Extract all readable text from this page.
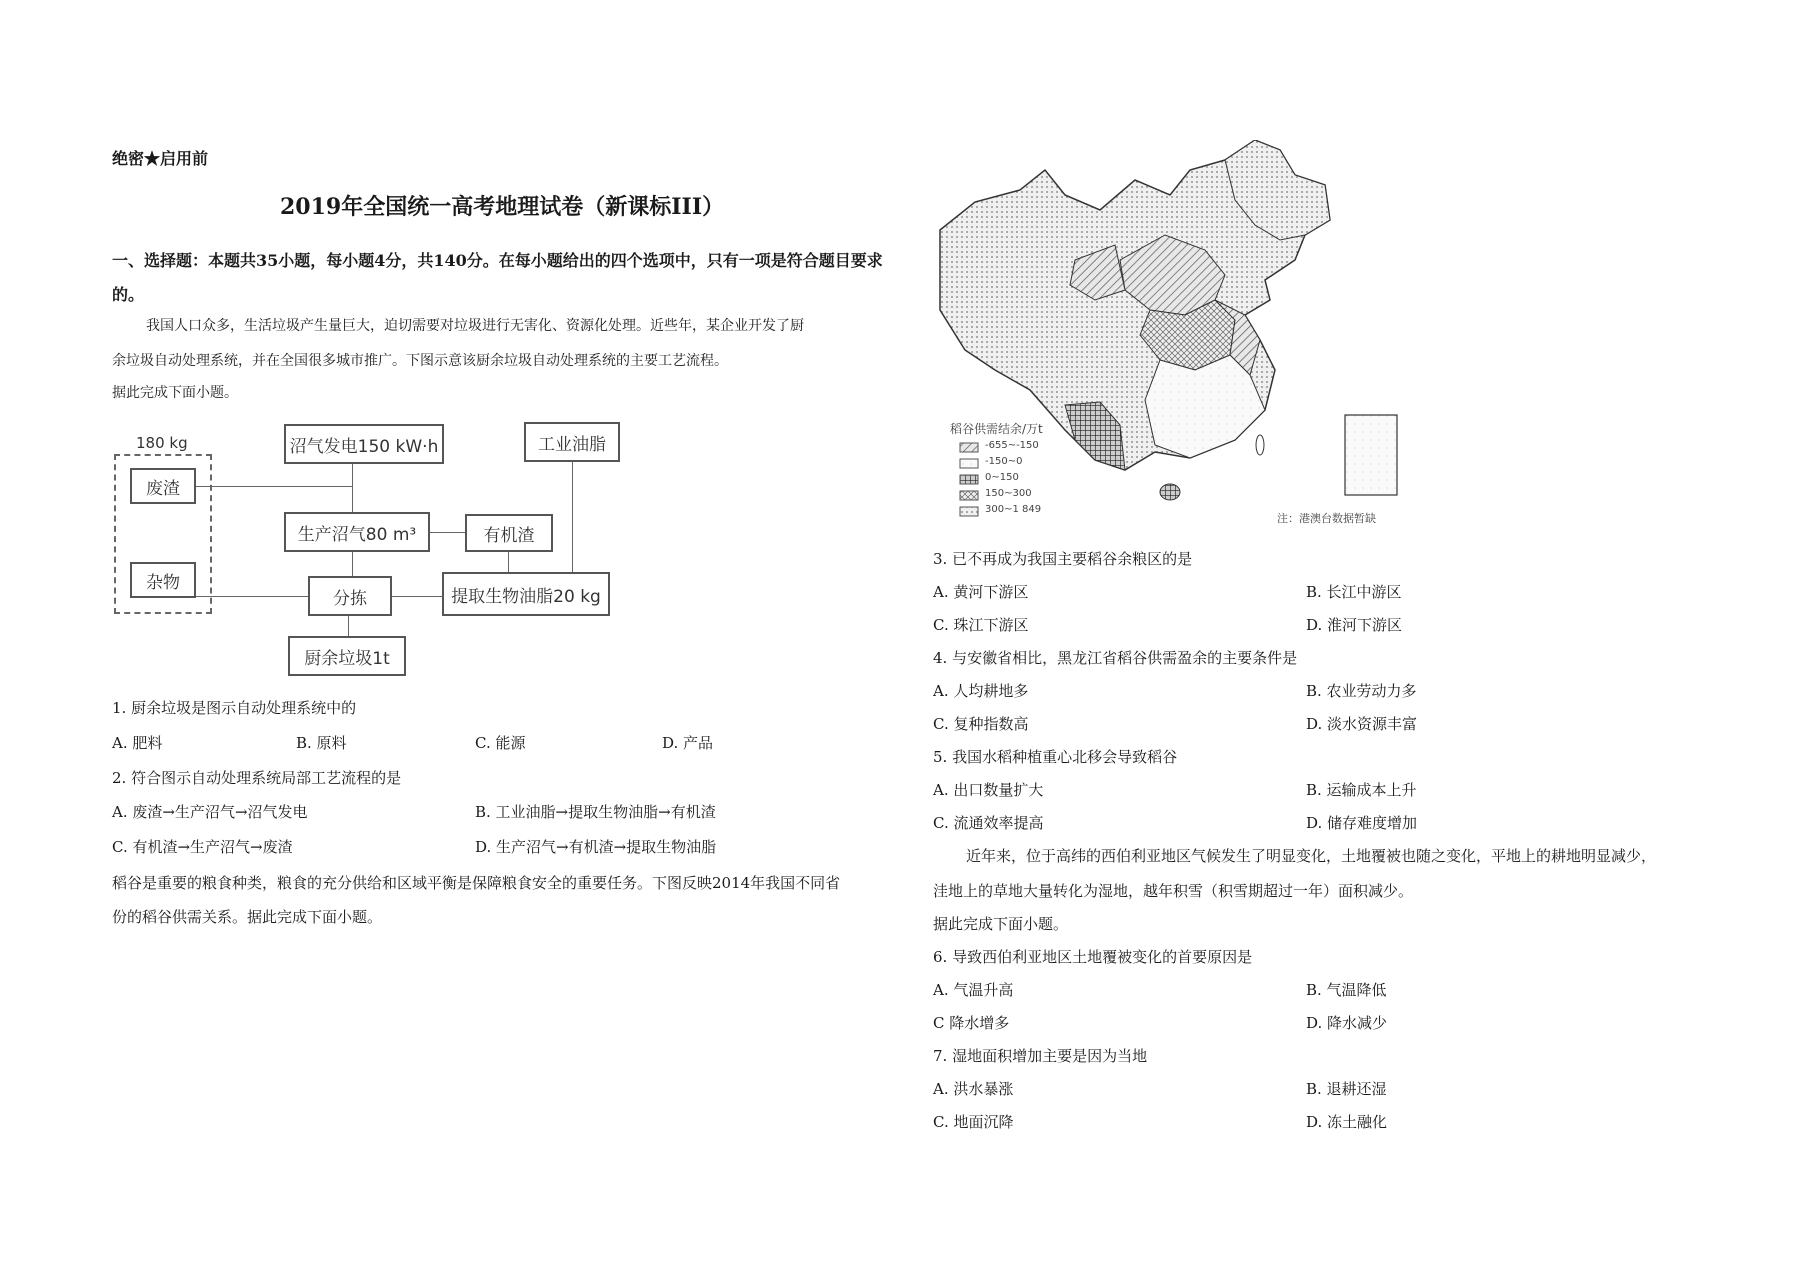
绝密★启用前
2019年全国统一高考地理试卷（新课标III）
一、选择题：本题共35小题，每小题4分，共140分。在每小题给出的四个选项中，只有一项是符合题目要求的。
我国人口众多，生活垃圾产生量巨大，迫切需要对垃圾进行无害化、资源化处理。近些年，某企业开发了厨
余垃圾自动处理系统，并在全国很多城市推广。下图示意该厨余垃圾自动处理系统的主要工艺流程。
据此完成下面小题。
180 kg
废渣
杂物
沼气发电150 kW·h
生产沼气80 m³	有机渣
工业油脂
分拣	提取生物油脂20 kg
厨余垃圾1t
1. 厨余垃圾是图示自动处理系统中的
A. 肥料	B. 原料	C. 能源	D. 产品
2. 符合图示自动处理系统局部工艺流程的是
A. 废渣→生产沼气→沼气发电	B. 工业油脂→提取生物油脂→有机渣
C. 有机渣→生产沼气→废渣	D. 生产沼气→有机渣→提取生物油脂
稻谷是重要的粮食种类，粮食的充分供给和区域平衡是保障粮食安全的重要任务。下图反映2014年我国不同省
份的稻谷供需关系。据此完成下面小题。
稻谷供需结余/万t
-655~-150
-150~0
0~150
150~300
300~1 849
注：港澳台数据暂缺
3. 已不再成为我国主要稻谷余粮区的是
A. 黄河下游区	B. 长江中游区
C. 珠江下游区	D. 淮河下游区
4. 与安徽省相比，黑龙江省稻谷供需盈余的主要条件是
A. 人均耕地多	B. 农业劳动力多
C. 复种指数高	D. 淡水资源丰富
5. 我国水稻种植重心北移会导致稻谷
A. 出口数量扩大	B. 运输成本上升
C. 流通效率提高	D. 储存难度增加
近年来，位于高纬的西伯利亚地区气候发生了明显变化，土地覆被也随之变化，平地上的耕地明显减少，
洼地上的草地大量转化为湿地，越年积雪（积雪期超过一年）面积减少。
据此完成下面小题。
6. 导致西伯利亚地区土地覆被变化的首要原因是
A. 气温升高	B. 气温降低
C 降水增多	D. 降水减少
7. 湿地面积增加主要是因为当地
A. 洪水暴涨	B. 退耕还湿
C. 地面沉降	D. 冻土融化
